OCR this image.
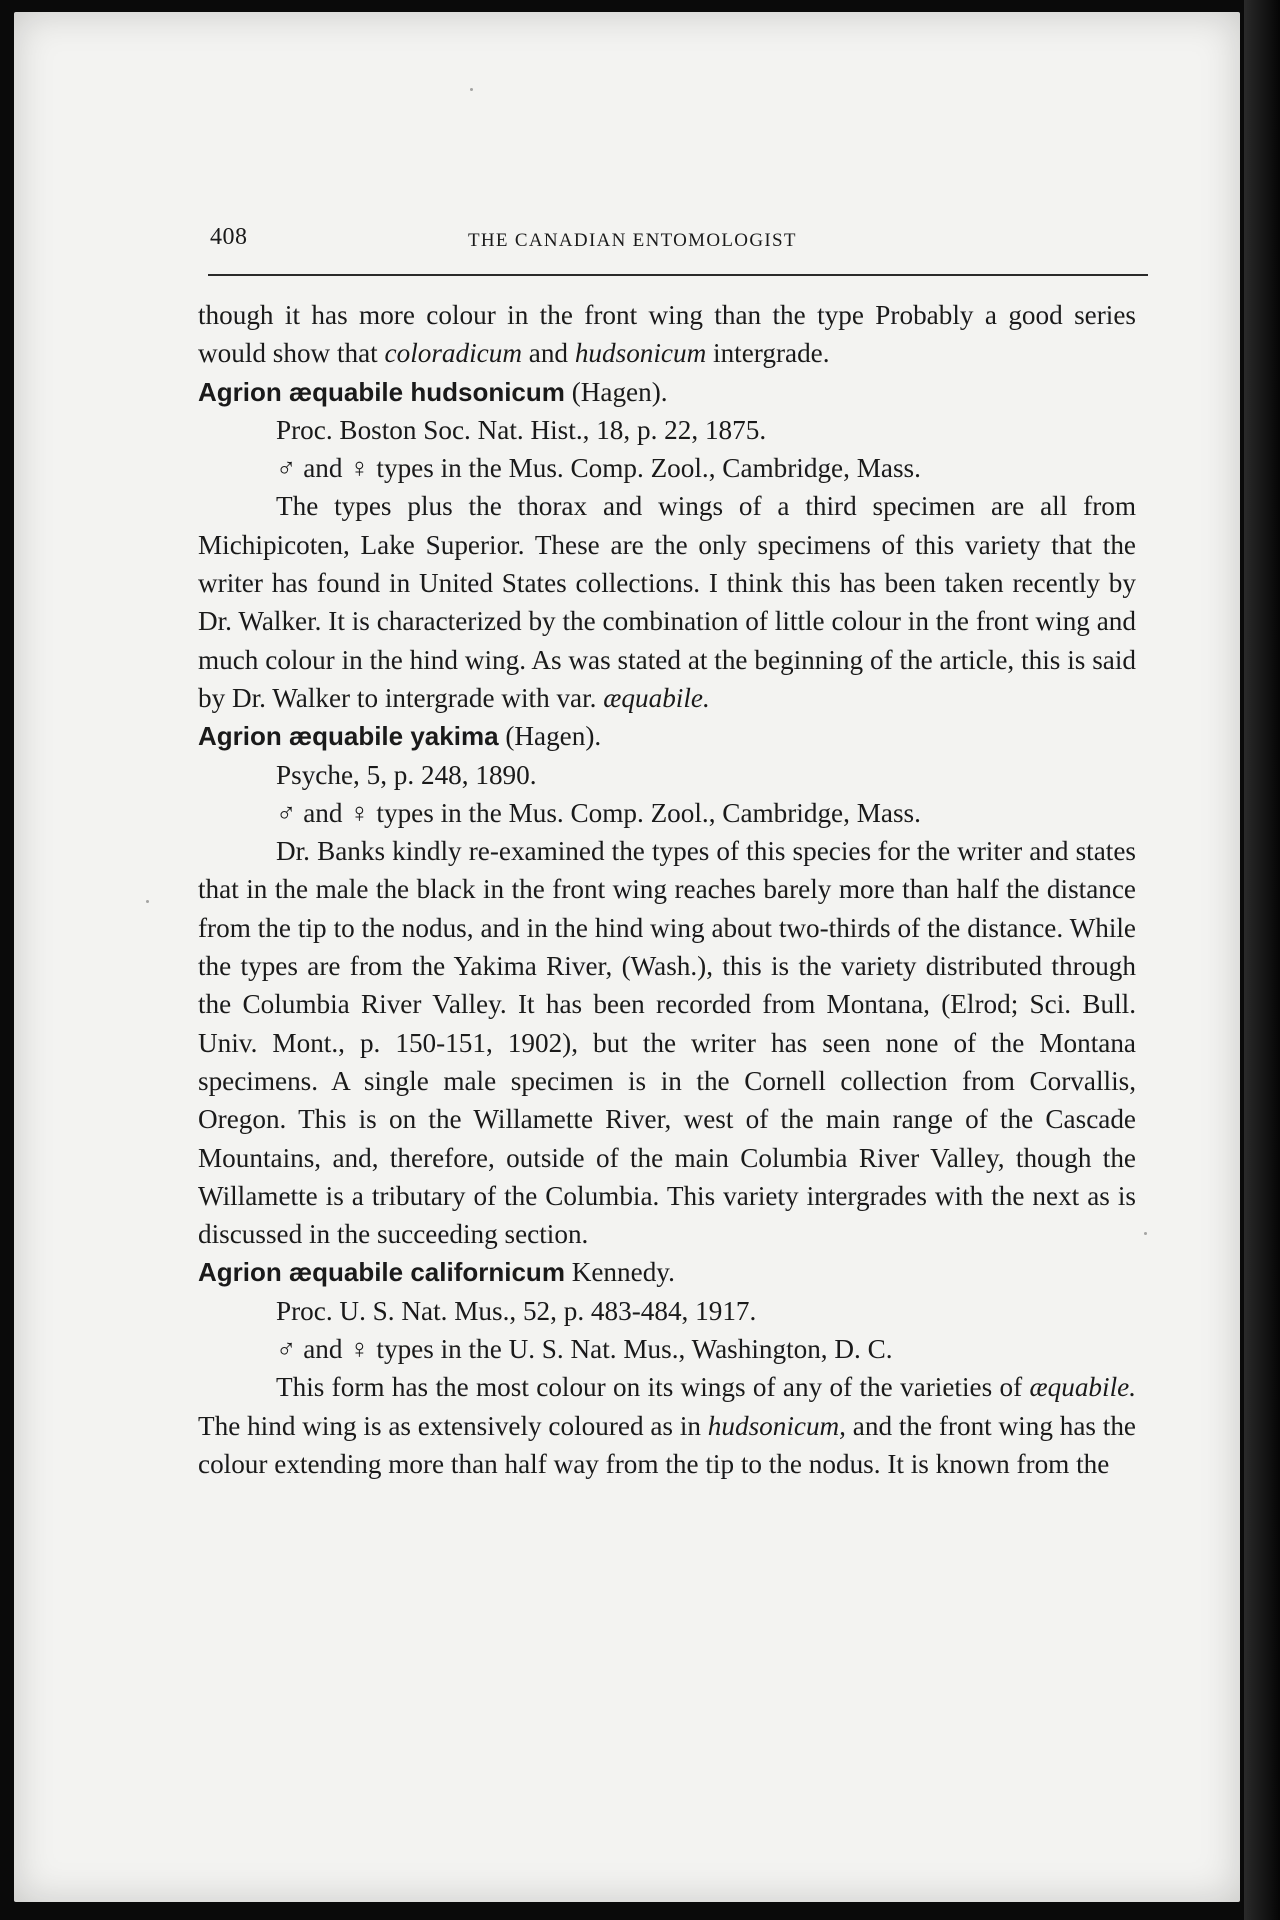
408	THE CANADIAN ENTOMOLOGIST

though it has more colour in the front wing than the type Probably a good series would show that coloradicum and hudsonicum intergrade.

Agrion æquabile hudsonicum (Hagen).

Proc. Boston Soc. Nat. Hist., 18, p. 22, 1875.

♂ and ♀ types in the Mus. Comp. Zool., Cambridge, Mass.

The types plus the thorax and wings of a third specimen are all from Michipicoten, Lake Superior. These are the only specimens of this variety that the writer has found in United States collections. I think this has been taken recently by Dr. Walker. It is characterized by the combination of little colour in the front wing and much colour in the hind wing. As was stated at the beginning of the article, this is said by Dr. Walker to intergrade with var. æquabile.

Agrion æquabile yakima (Hagen).

Psyche, 5, p. 248, 1890.

♂ and ♀ types in the Mus. Comp. Zool., Cambridge, Mass.

Dr. Banks kindly re-examined the types of this species for the writer and states that in the male the black in the front wing reaches barely more than half the distance from the tip to the nodus, and in the hind wing about two-thirds of the distance. While the types are from the Yakima River, (Wash.), this is the variety distributed through the Columbia River Valley. It has been recorded from Montana, (Elrod; Sci. Bull. Univ. Mont., p. 150-151, 1902), but the writer has seen none of the Montana specimens. A single male specimen is in the Cornell collection from Corvallis, Oregon. This is on the Willamette River, west of the main range of the Cascade Mountains, and, therefore, outside of the main Columbia River Valley, though the Willamette is a tributary of the Columbia. This variety intergrades with the next as is discussed in the succeeding section.

Agrion æquabile californicum Kennedy.

Proc. U. S. Nat. Mus., 52, p. 483-484, 1917.

♂ and ♀ types in the U. S. Nat. Mus., Washington, D. C.

This form has the most colour on its wings of any of the varieties of æquabile. The hind wing is as extensively coloured as in hudsonicum, and the front wing has the colour extending more than half way from the tip to the nodus. It is known from the
